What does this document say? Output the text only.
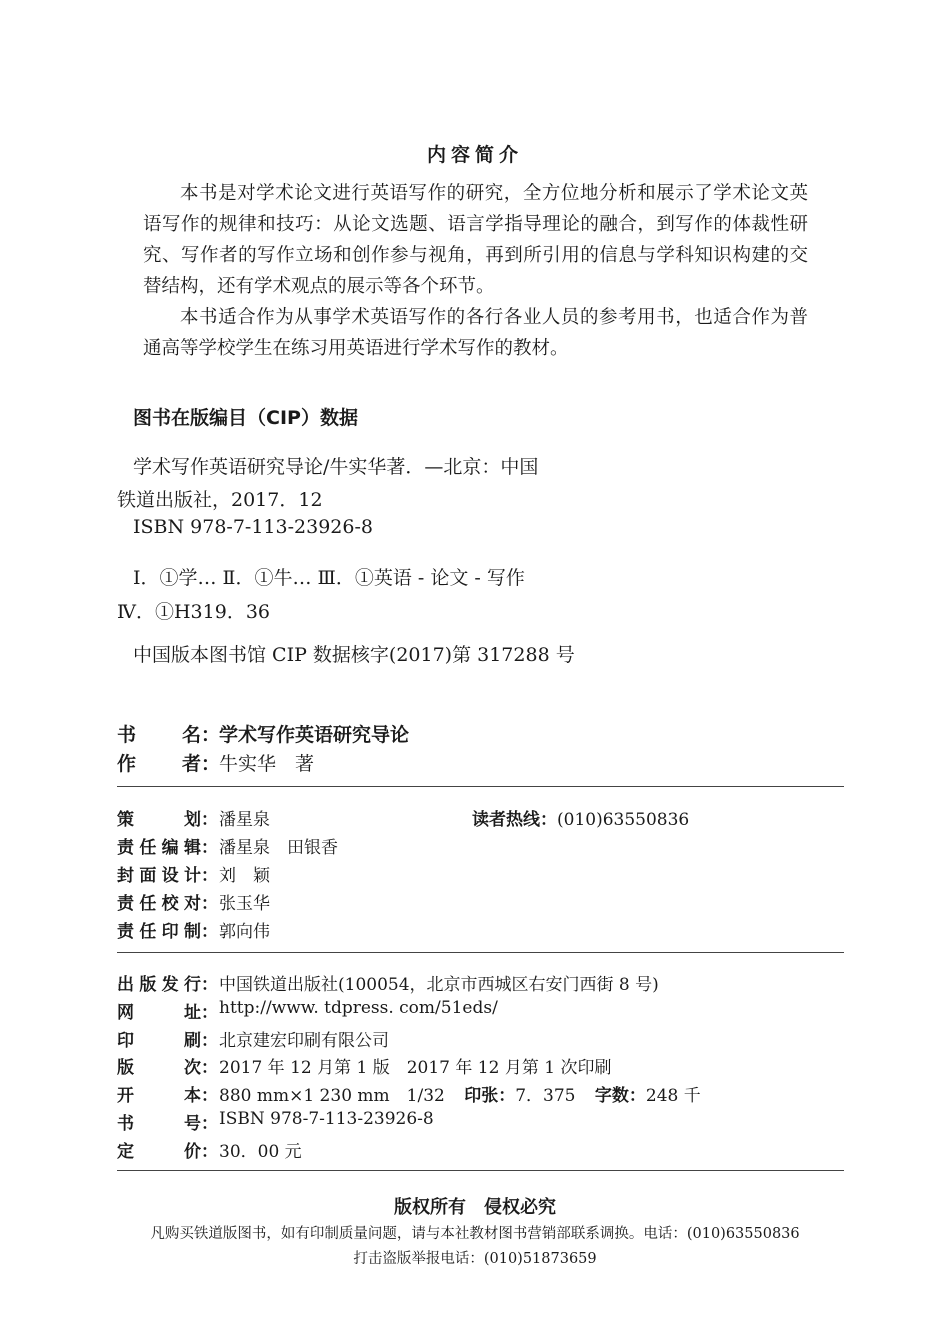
内容简介

本书是对学术论文进行英语写作的研究，全方位地分析和展示了学术论文英语写作的规律和技巧：从论文选题、语言学指导理论的融合，到写作的体裁性研究、写作者的写作立场和创作参与视角，再到所引用的信息与学科知识构建的交替结构，还有学术观点的展示等各个环节。

本书适合作为从事学术英语写作的各行各业人员的参考用书，也适合作为普通高等学校学生在练习用英语进行学术写作的教材。

图书在版编目（CIP）数据
学术写作英语研究导论/牛实华著．—北京：中国
铁道出版社，2017．12
ISBN 978-7-113-23926-8
Ⅰ．①学… Ⅱ．①牛… Ⅲ．①英语 - 论文 - 写作
Ⅳ．①H319．36
中国版本图书馆 CIP 数据核字(2017)第 317288 号
书名 ：
学术写作英语研究导论
作者 ：
牛实华　著
策划 ： 潘星泉
责任编辑 ： 潘星泉　田银香
封面设计 ： 刘　颖
责任校对 ： 张玉华
责任印制 ： 郭向伟
读者热线：(010)63550836
出版发行 ： 中国铁道出版社(100054，北京市西城区右安门西街 8 号)
网址 ： http://www. tdpress. com/51eds/
印刷 ： 北京建宏印刷有限公司
版次 ： 2017 年 12 月第 1 版　2017 年 12 月第 1 次印刷
开本 ： 880 mm×1 230 mm　1/32 印张：7．375 字数：248 千
书号 ： ISBN 978-7-113-23926-8
定价 ： 30．00 元
版权所有　侵权必究
凡购买铁道版图书，如有印制质量问题，请与本社教材图书营销部联系调换。电话：(010)63550836
打击盗版举报电话：(010)51873659
